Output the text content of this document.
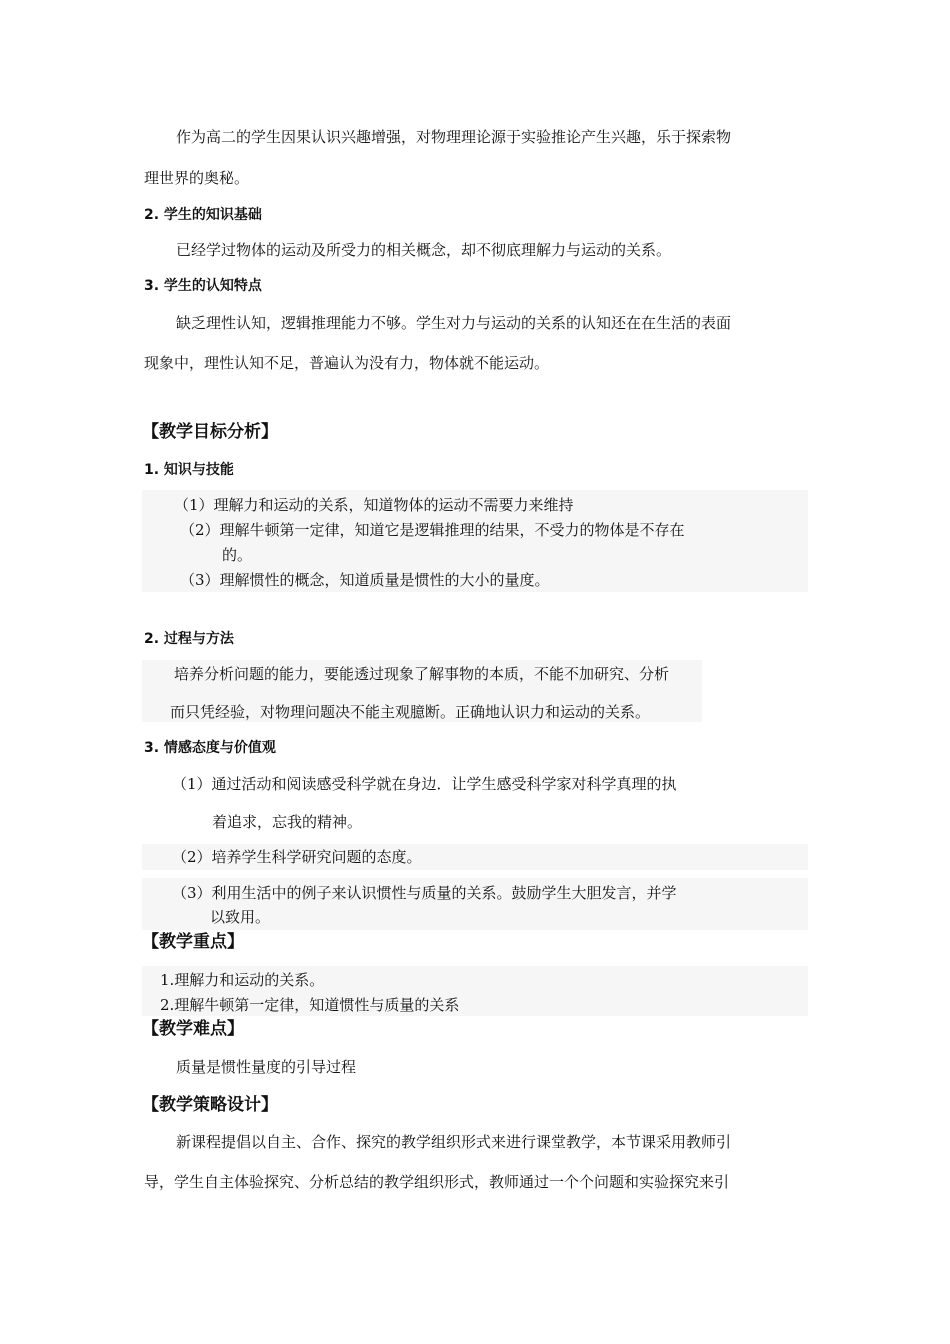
作为高二的学生因果认识兴趣增强，对物理理论源于实验推论产生兴趣，乐于探索物
理世界的奥秘。
2. 学生的知识基础
已经学过物体的运动及所受力的相关概念，却不彻底理解力与运动的关系。
3. 学生的认知特点
缺乏理性认知，逻辑推理能力不够。学生对力与运动的关系的认知还在在生活的表面
现象中，理性认知不足，普遍认为没有力，物体就不能运动。
【教学目标分析】
1. 知识与技能
（1）理解力和运动的关系，知道物体的运动不需要力来维持
（2）理解牛顿第一定律，知道它是逻辑推理的结果，不受力的物体是不存在
的。
（3）理解惯性的概念，知道质量是惯性的大小的量度。
2. 过程与方法
培养分析问题的能力，要能透过现象了解事物的本质，不能不加研究、分析
而只凭经验，对物理问题决不能主观臆断。正确地认识力和运动的关系。
3. 情感态度与价值观
（1）通过活动和阅读感受科学就在身边．让学生感受科学家对科学真理的执
着追求，忘我的精神。
（2）培养学生科学研究问题的态度。
（3）利用生活中的例子来认识惯性与质量的关系。鼓励学生大胆发言，并学
以致用。
【教学重点】
1.理解力和运动的关系。
2.理解牛顿第一定律，知道惯性与质量的关系
【教学难点】
质量是惯性量度的引导过程
【教学策略设计】
新课程提倡以自主、合作、探究的教学组织形式来进行课堂教学，本节课采用教师引
导，学生自主体验探究、分析总结的教学组织形式，教师通过一个个问题和实验探究来引
